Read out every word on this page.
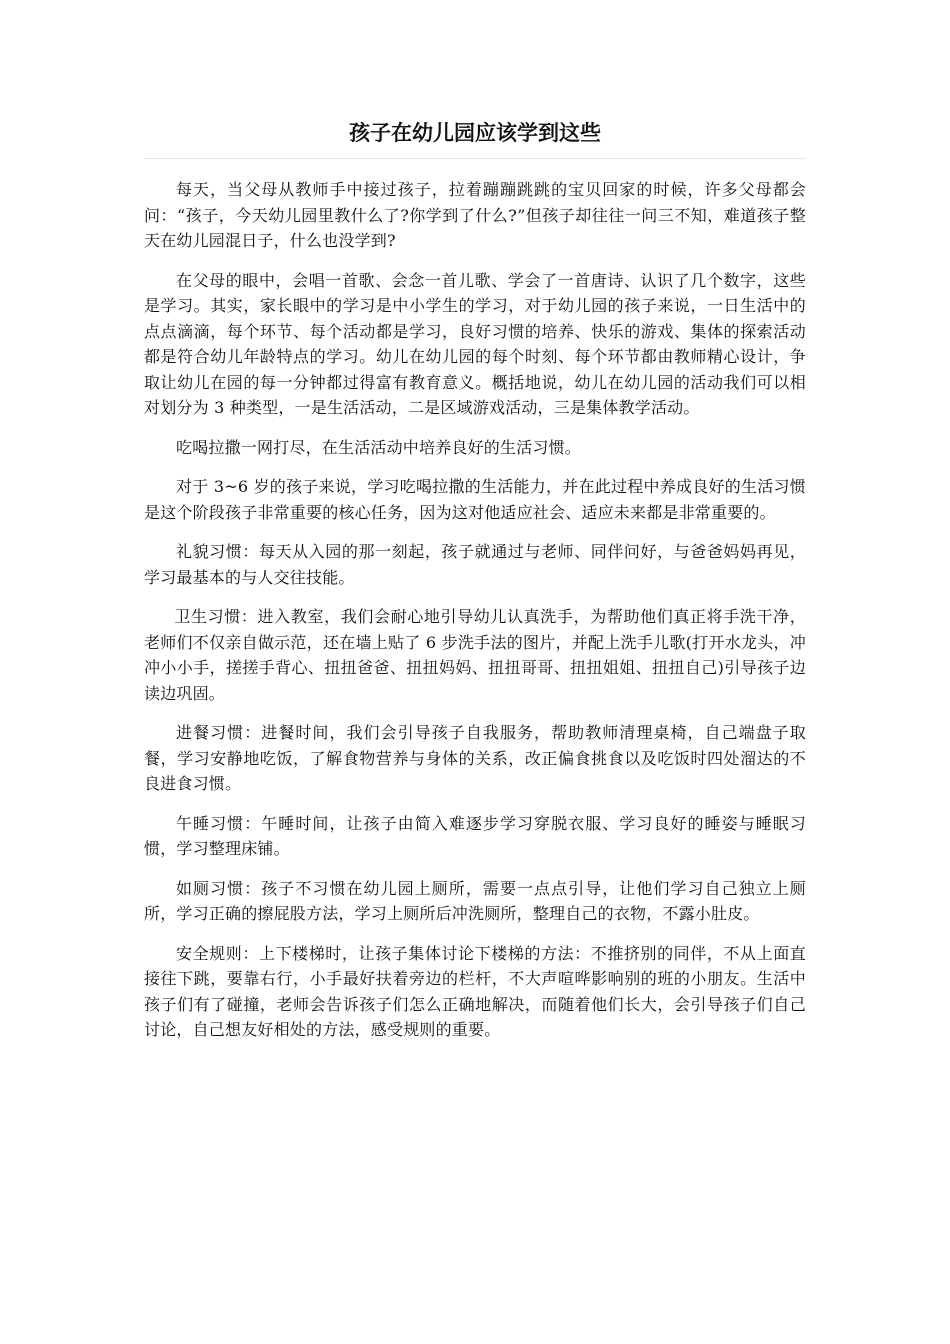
孩子在幼儿园应该学到这些

每天，当父母从教师手中接过孩子，拉着蹦蹦跳跳的宝贝回家的时候，许多父母都会问：“孩子，今天幼儿园里教什么了?你学到了什么?”但孩子却往往一问三不知，难道孩子整天在幼儿园混日子，什么也没学到?

在父母的眼中，会唱一首歌、会念一首儿歌、学会了一首唐诗、认识了几个数字，这些是学习。其实，家长眼中的学习是中小学生的学习，对于幼儿园的孩子来说，一日生活中的点点滴滴，每个环节、每个活动都是学习，良好习惯的培养、快乐的游戏、集体的探索活动都是符合幼儿年龄特点的学习。幼儿在幼儿园的每个时刻、每个环节都由教师精心设计，争取让幼儿在园的每一分钟都过得富有教育意义。概括地说，幼儿在幼儿园的活动我们可以相对划分为 3 种类型，一是生活活动，二是区域游戏活动，三是集体教学活动。

吃喝拉撒一网打尽，在生活活动中培养良好的生活习惯。

对于 3~6 岁的孩子来说，学习吃喝拉撒的生活能力，并在此过程中养成良好的生活习惯是这个阶段孩子非常重要的核心任务，因为这对他适应社会、适应未来都是非常重要的。

礼貌习惯：每天从入园的那一刻起，孩子就通过与老师、同伴问好，与爸爸妈妈再见，学习最基本的与人交往技能。

卫生习惯：进入教室，我们会耐心地引导幼儿认真洗手，为帮助他们真正将手洗干净，老师们不仅亲自做示范，还在墙上贴了 6 步洗手法的图片，并配上洗手儿歌(打开水龙头，冲冲小小手，搓搓手背心、扭扭爸爸、扭扭妈妈、扭扭哥哥、扭扭姐姐、扭扭自己)引导孩子边读边巩固。

进餐习惯：进餐时间，我们会引导孩子自我服务，帮助教师清理桌椅，自己端盘子取餐，学习安静地吃饭，了解食物营养与身体的关系，改正偏食挑食以及吃饭时四处溜达的不良进食习惯。

午睡习惯：午睡时间，让孩子由简入难逐步学习穿脱衣服、学习良好的睡姿与睡眠习惯，学习整理床铺。

如厕习惯：孩子不习惯在幼儿园上厕所，需要一点点引导，让他们学习自己独立上厕所，学习正确的擦屁股方法，学习上厕所后冲洗厕所，整理自己的衣物，不露小肚皮。

安全规则：上下楼梯时，让孩子集体讨论下楼梯的方法：不推挤别的同伴，不从上面直接往下跳，要靠右行，小手最好扶着旁边的栏杆，不大声喧哗影响别的班的小朋友。生活中孩子们有了碰撞，老师会告诉孩子们怎么正确地解决，而随着他们长大，会引导孩子们自己讨论，自己想友好相处的方法，感受规则的重要。
